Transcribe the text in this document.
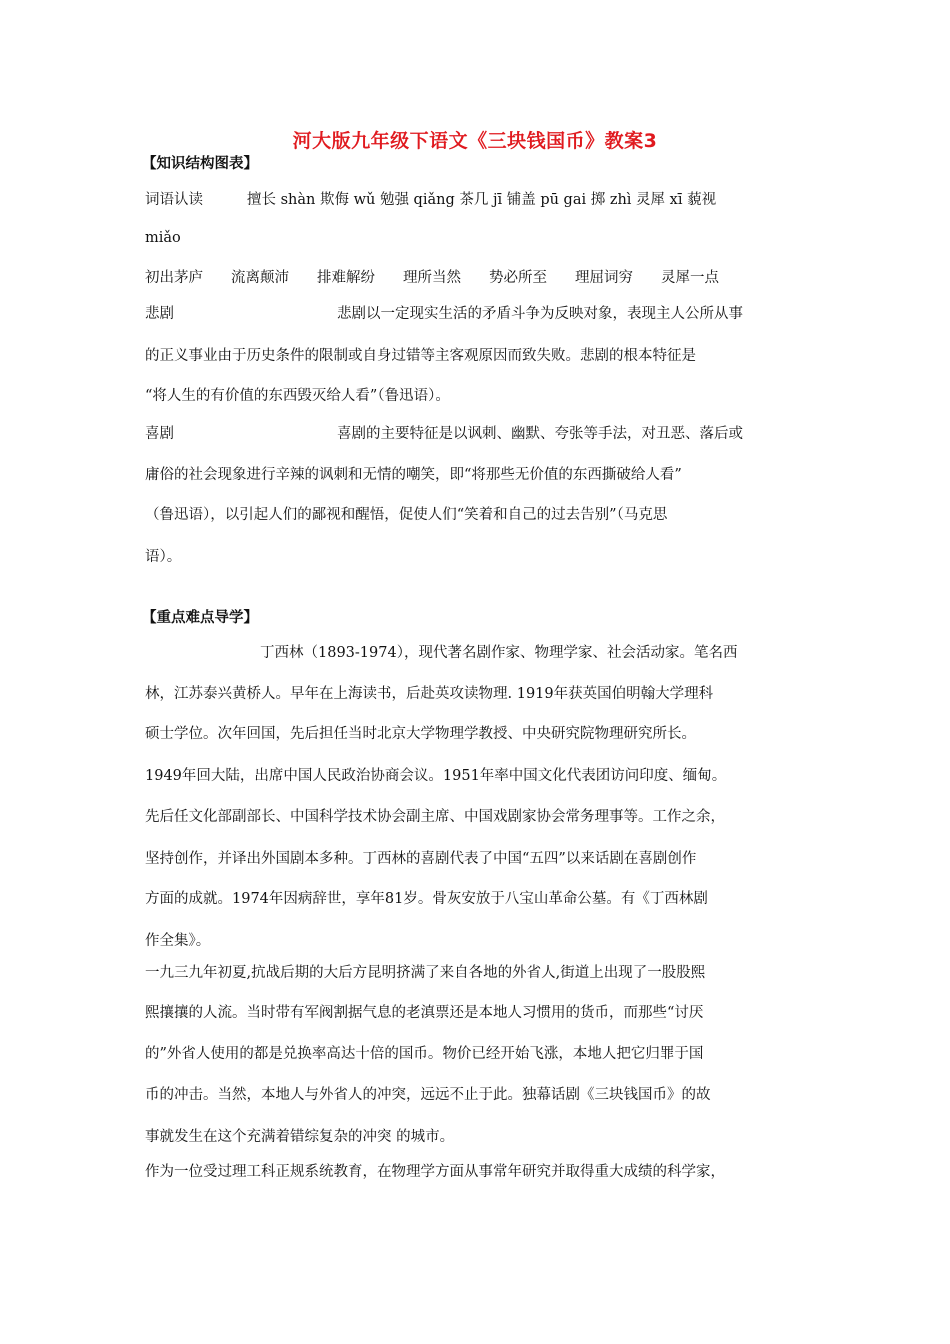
河大版九年级下语文《三块钱国币》教案3
【知识结构图表】
词语认读	擅长 shàn 欺侮 wǔ 勉强 qiǎng 茶几 jī 铺盖 pū gai 掷 zhì 灵犀 xī 藐视
miǎo
初出茅庐 流离颠沛 排难解纷 理所当然 势必所至 理屈词穷 灵犀一点
悲剧	悲剧以一定现实生活的矛盾斗争为反映对象，表现主人公所从事
的正义事业由于历史条件的限制或自身过错等主客观原因而致失败。悲剧的根本特征是
“将人生的有价值的东西毁灭给人看”（鲁迅语）。
喜剧	喜剧的主要特征是以讽刺、幽默、夸张等手法，对丑恶、落后或
庸俗的社会现象进行辛辣的讽刺和无情的嘲笑，即“将那些无价值的东西撕破给人看”
（鲁迅语），以引起人们的鄙视和醒悟，促使人们“笑着和自己的过去告别”（马克思
语）。
【重点难点导学】
丁西林（1893-1974），现代著名剧作家、物理学家、社会活动家。笔名西
林，江苏泰兴黄桥人。早年在上海读书，后赴英攻读物理. 1919年获英国伯明翰大学理科
硕士学位。次年回国，先后担任当时北京大学物理学教授、中央研究院物理研究所长。
1949年回大陆，出席中国人民政治协商会议。1951年率中国文化代表团访问印度、缅甸。
先后任文化部副部长、中国科学技术协会副主席、中国戏剧家协会常务理事等。工作之余，
坚持创作，并译出外国剧本多种。丁西林的喜剧代表了中国“五四”以来话剧在喜剧创作
方面的成就。1974年因病辞世，享年81岁。骨灰安放于八宝山革命公墓。有《丁西林剧
作全集》。
一九三九年初夏,抗战后期的大后方昆明挤满了来自各地的外省人,街道上出现了一股股熙
熙攘攘的人流。当时带有军阀割据气息的老滇票还是本地人习惯用的货币，而那些“讨厌
的”外省人使用的都是兑换率高达十倍的国币。物价已经开始飞涨，本地人把它归罪于国
币的冲击。当然，本地人与外省人的冲突，远远不止于此。独幕话剧《三块钱国币》的故
事就发生在这个充满着错综复杂的冲突 的城市。
作为一位受过理工科正规系统教育，在物理学方面从事常年研究并取得重大成绩的科学家，
